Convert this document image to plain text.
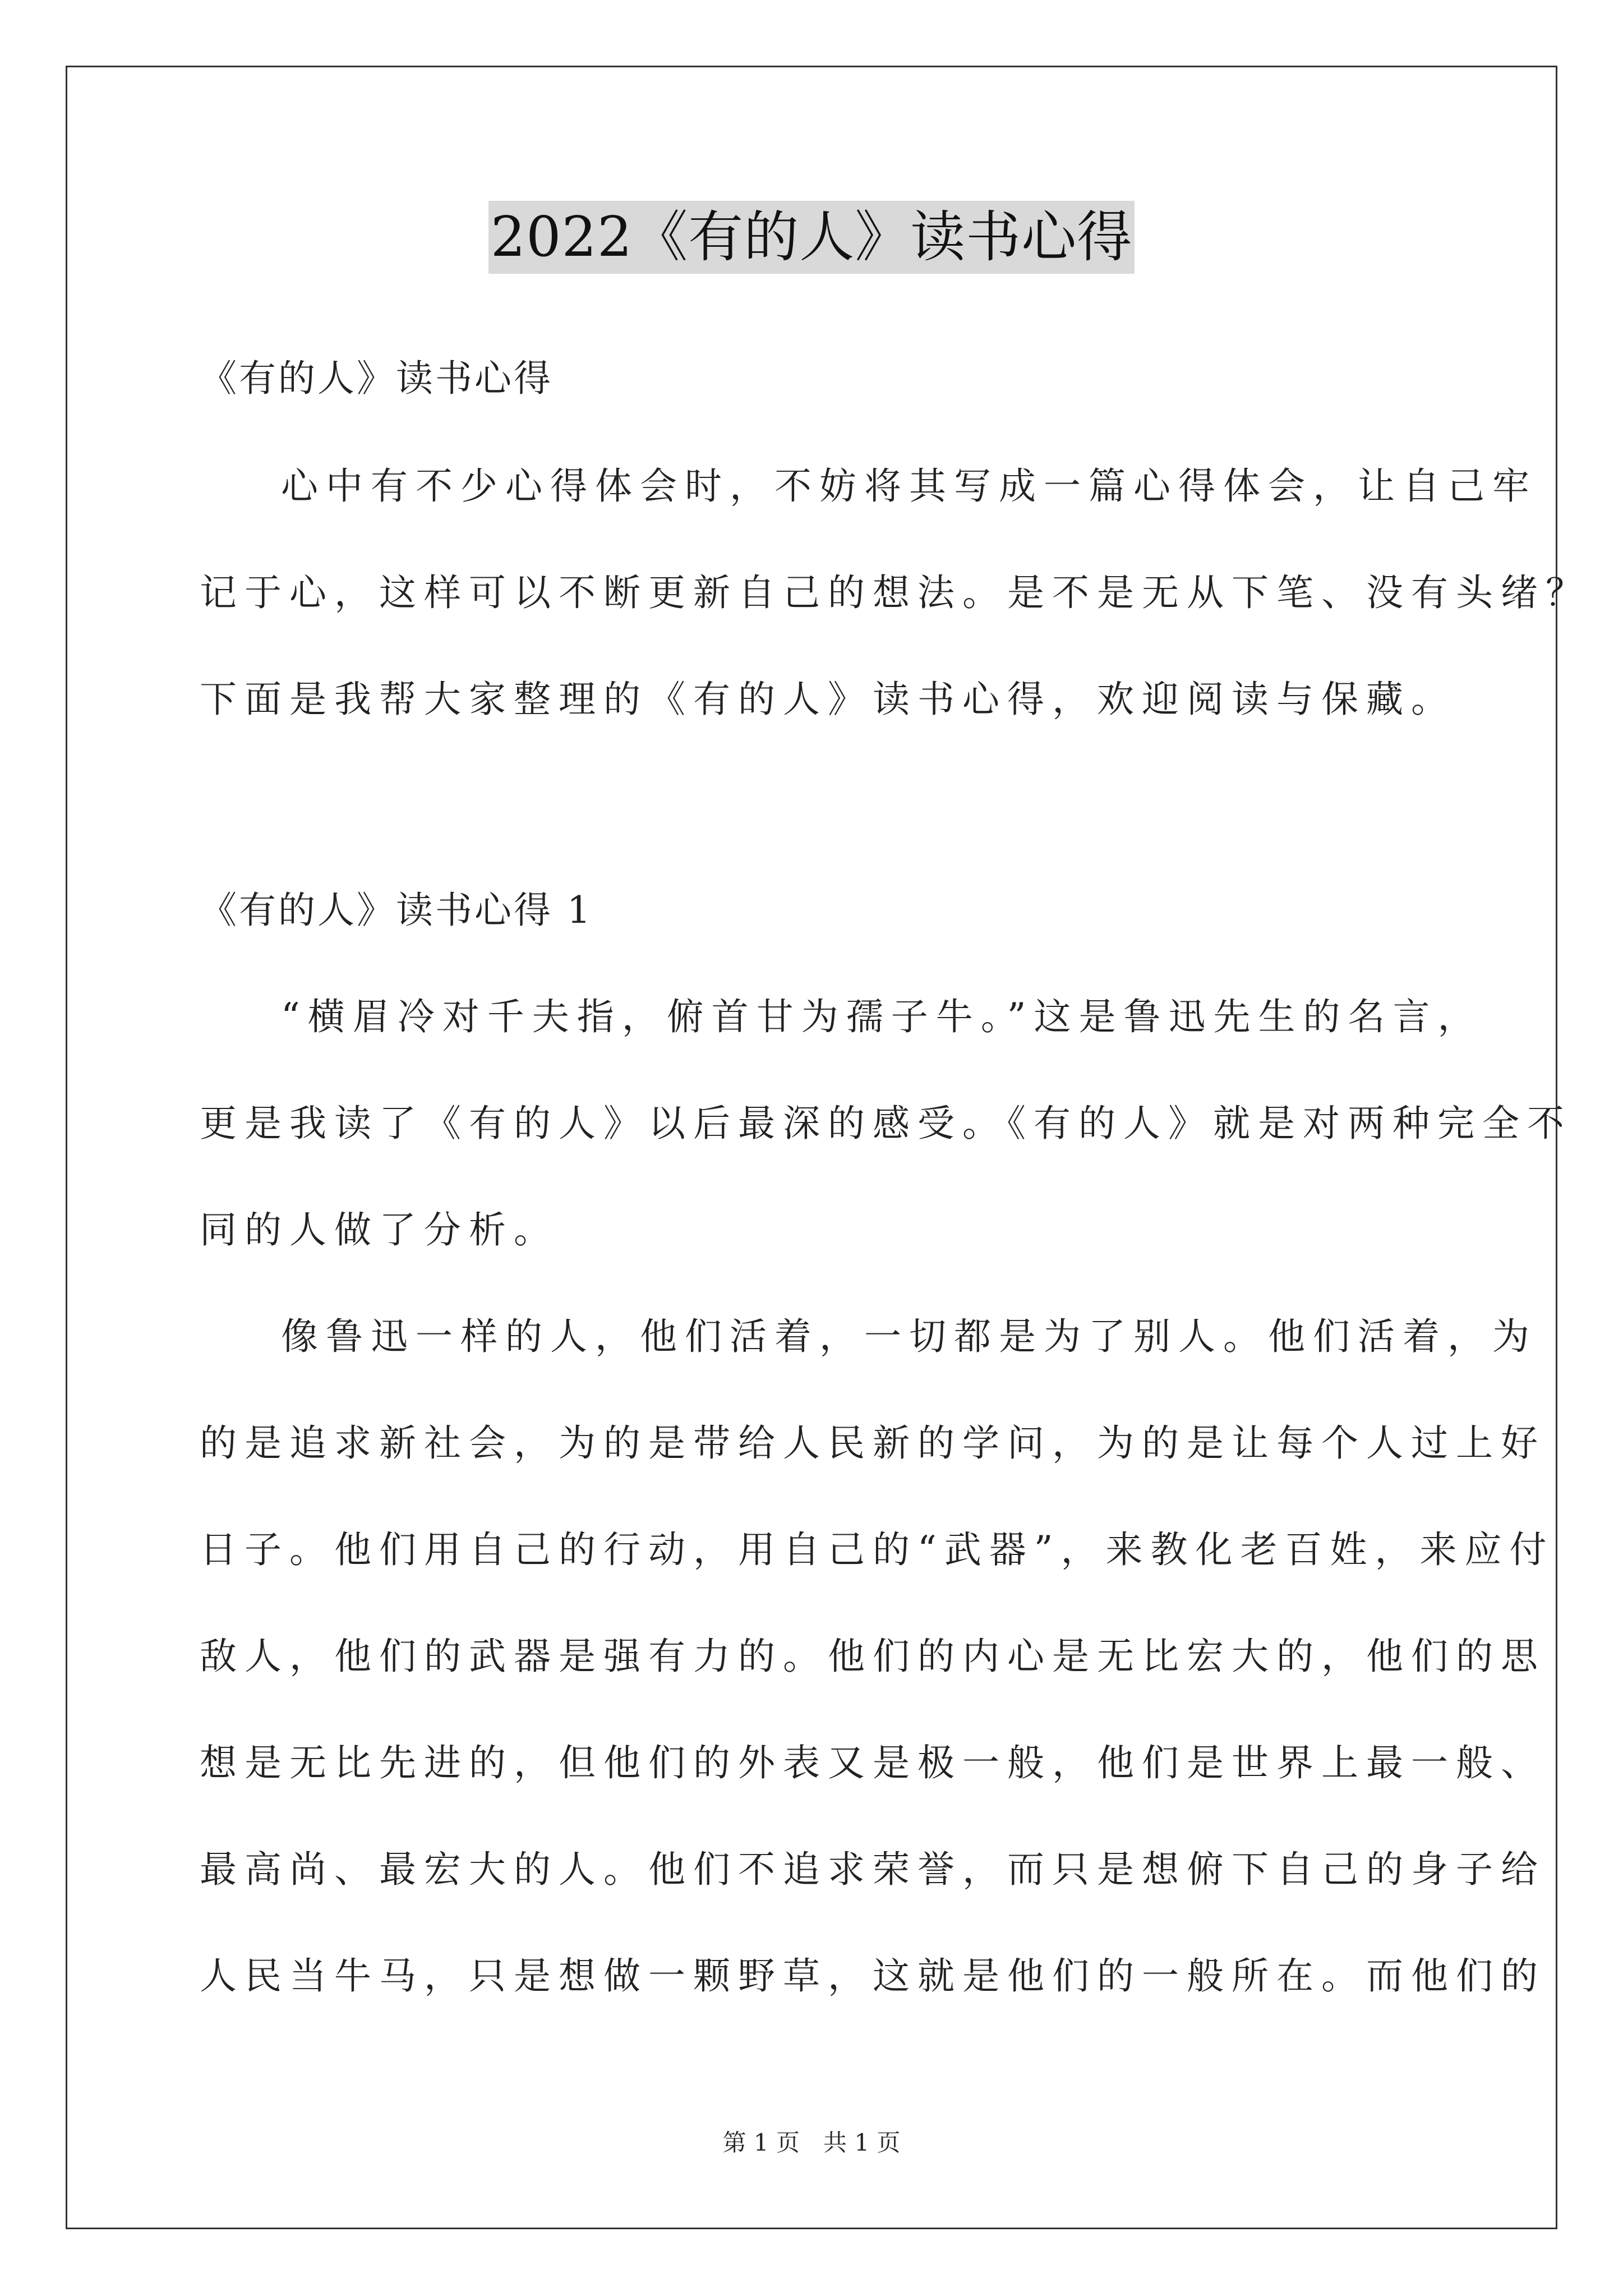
2022《有的人》读书心得
《有的人》读书心得
心中有不少心得体会时，不妨将其写成一篇心得体会，让自己牢
记于心，这样可以不断更新自己的想法。是不是无从下笔、没有头绪？
下面是我帮大家整理的《有的人》读书心得，欢迎阅读与保藏。
《有的人》读书心得 1
“横眉冷对千夫指，俯首甘为孺子牛。”这是鲁迅先生的名言，
更是我读了《有的人》以后最深的感受。《有的人》就是对两种完全不
同的人做了分析。
像鲁迅一样的人，他们活着，一切都是为了别人。他们活着，为
的是追求新社会，为的是带给人民新的学问，为的是让每个人过上好
日子。他们用自己的行动，用自己的“武器”，来教化老百姓，来应付
敌人，他们的武器是强有力的。他们的内心是无比宏大的，他们的思
想是无比先进的，但他们的外表又是极一般，他们是世界上最一般、
最高尚、最宏大的人。他们不追求荣誉，而只是想俯下自己的身子给
人民当牛马，只是想做一颗野草，这就是他们的一般所在。而他们的
第 1 页　共 1 页
